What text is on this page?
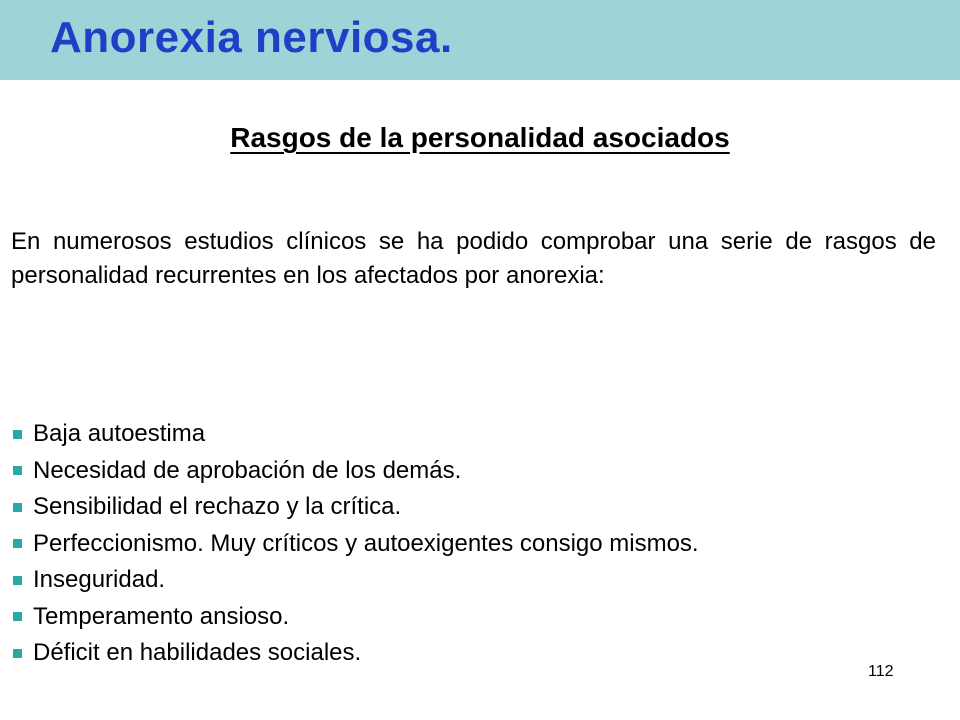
Anorexia nerviosa.
Rasgos de la personalidad asociados

En numerosos estudios clínicos se ha podido comprobar una serie de rasgos de personalidad recurrentes en los afectados por anorexia:

Baja autoestima
Necesidad de aprobación de los demás.
Sensibilidad el rechazo y la crítica.
Perfeccionismo. Muy críticos y autoexigentes consigo mismos.
Inseguridad.
Temperamento ansioso.
Déficit en habilidades sociales.
112
